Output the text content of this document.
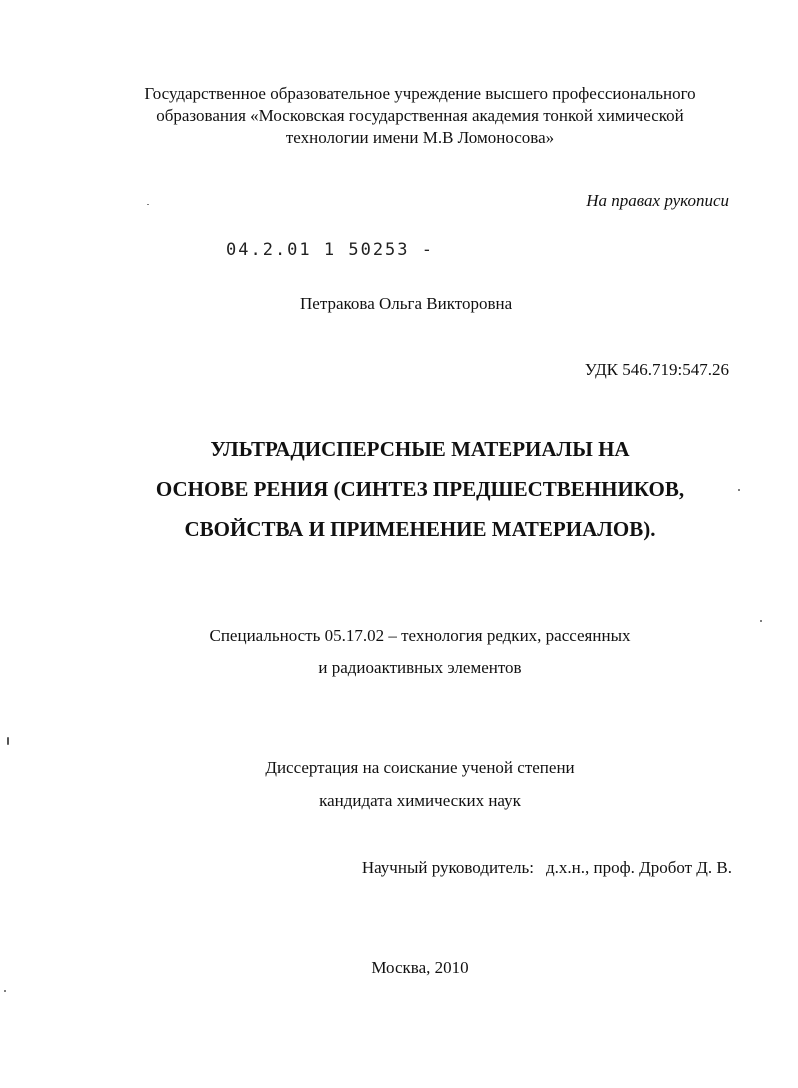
Государственное образовательное учреждение высшего профессионального
образования «Московская государственная академия тонкой химической
технологии имени М.В Ломоносова»
На правах рукописи
04.2.01 1 50253 -
Петракова Ольга Викторовна
УДК 546.719:547.26
УЛЬТРАДИСПЕРСНЫЕ МАТЕРИАЛЫ НА
ОСНОВЕ РЕНИЯ (СИНТЕЗ ПРЕДШЕСТВЕННИКОВ,
СВОЙСТВА И ПРИМЕНЕНИЕ МАТЕРИАЛОВ).
Специальность 05.17.02 – технология редких, рассеянных
и радиоактивных элементов
Диссертация на соискание ученой степени
кандидата химических наук
Научный руководитель: д.х.н., проф. Дробот Д. В.
Москва, 2010
